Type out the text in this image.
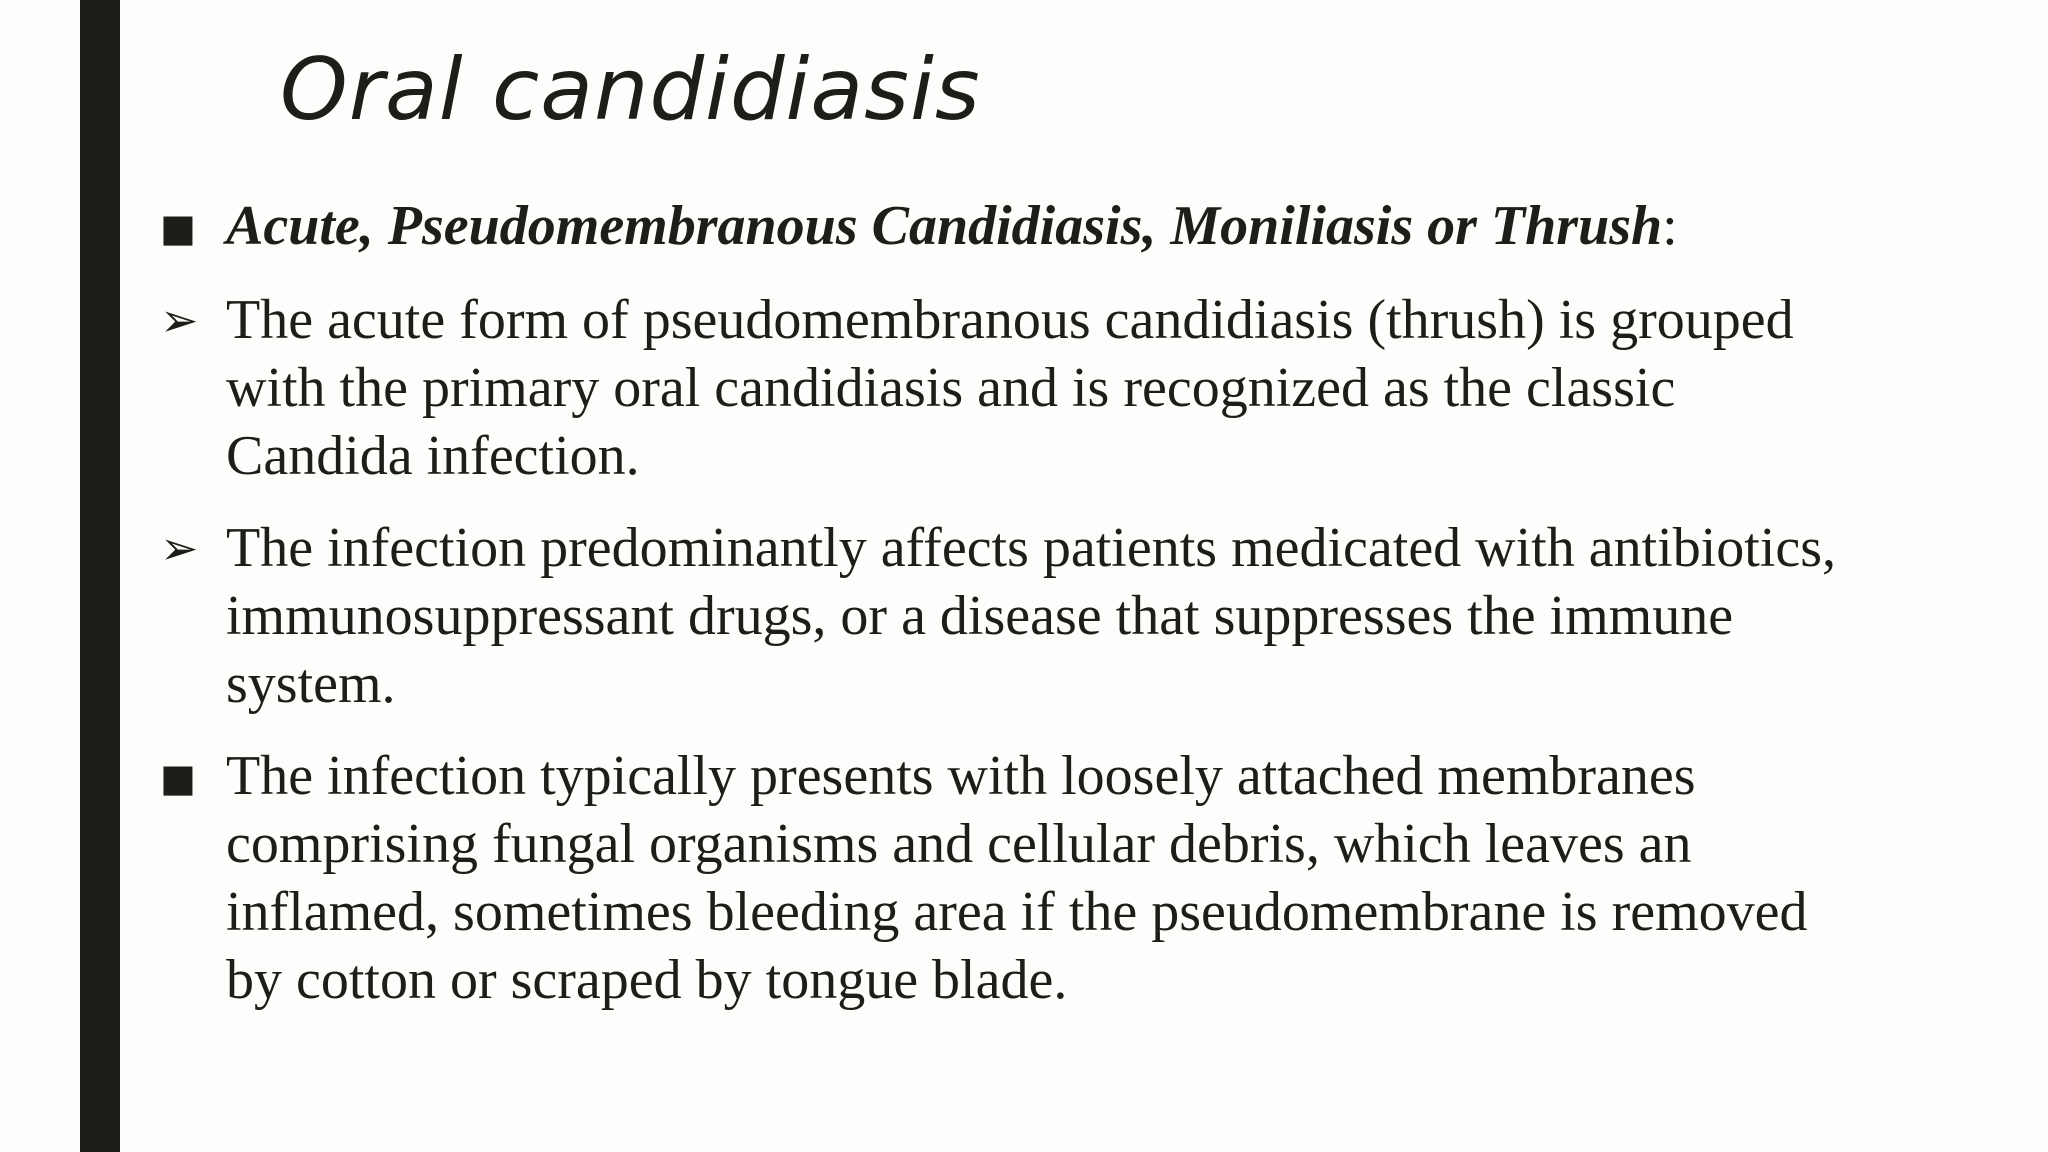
Oral candidiasis
■ Acute, Pseudomembranous Candidiasis, Moniliasis or Thrush:
➢ The acute form of pseudomembranous candidiasis (thrush) is grouped with the primary oral candidiasis and is recognized as the classic Candida infection.
➢ The infection predominantly affects patients medicated with antibiotics, immunosuppressant drugs, or a disease that suppresses the immune system.
■ The infection typically presents with loosely attached membranes comprising fungal organisms and cellular debris, which leaves an inflamed, sometimes bleeding area if the pseudomembrane is removed by cotton or scraped by tongue blade.
